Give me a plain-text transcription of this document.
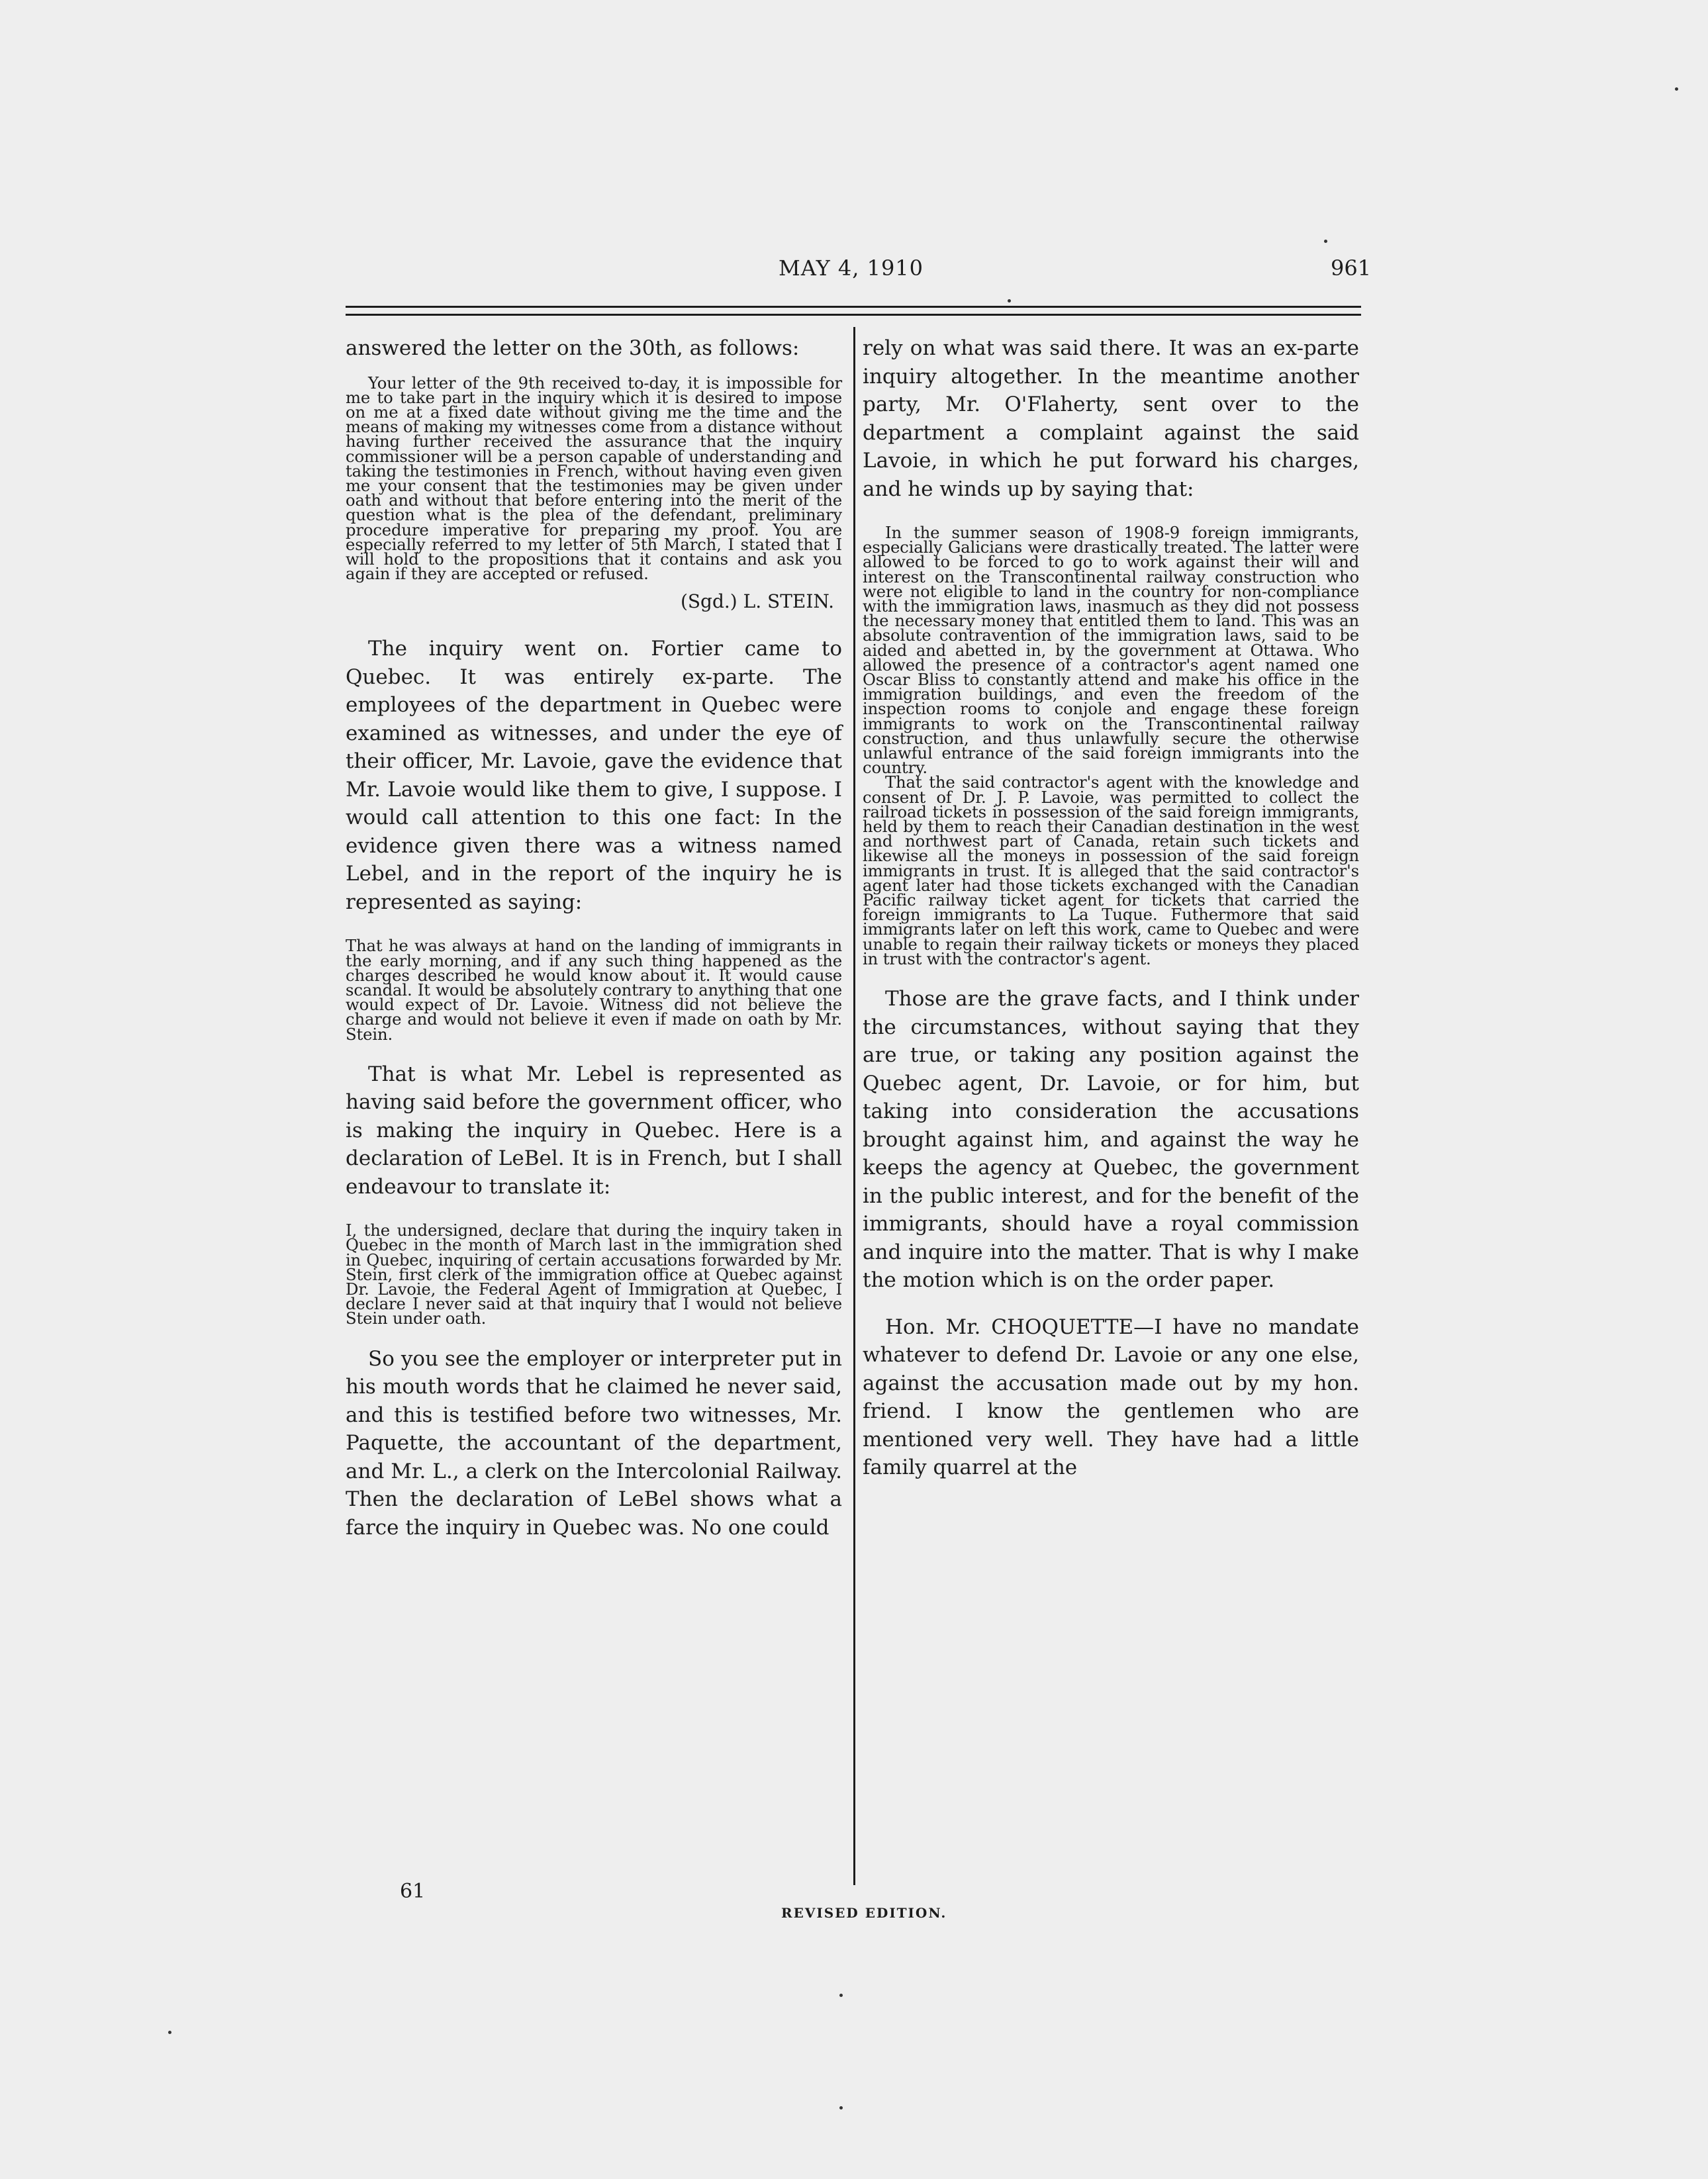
MAY 4, 1910	961

answered the letter on the 30th, as follows:

Your letter of the 9th received to-day, it is impossible for me to take part in the inquiry which it is desired to impose on me at a fixed date without giving me the time and the means of making my witnesses come from a distance without having further received the assurance that the inquiry commissioner will be a person capable of understanding and taking the testimonies in French, without having even given me your consent that the testimonies may be given under oath and without that before entering into the merit of the question what is the plea of the defendant, preliminary procedure imperative for preparing my proof. You are especially referred to my letter of 5th March, I stated that I will hold to the propositions that it contains and ask you again if they are accepted or refused.

(Sgd.) L. STEIN.

The inquiry went on. Fortier came to Quebec. It was entirely ex-parte. The employees of the department in Quebec were examined as witnesses, and under the eye of their officer, Mr. Lavoie, gave the evidence that Mr. Lavoie would like them to give, I suppose. I would call attention to this one fact: In the evidence given there was a witness named Lebel, and in the report of the inquiry he is represented as saying:

That he was always at hand on the landing of immigrants in the early morning, and if any such thing happened as the charges described he would know about it. It would cause scandal. It would be absolutely contrary to anything that one would expect of Dr. Lavoie. Witness did not believe the charge and would not believe it even if made on oath by Mr. Stein.

That is what Mr. Lebel is represented as having said before the government officer, who is making the inquiry in Quebec. Here is a declaration of LeBel. It is in French, but I shall endeavour to translate it:

I, the undersigned, declare that during the inquiry taken in Quebec in the month of March last in the immigration shed in Quebec, inquiring of certain accusations forwarded by Mr. Stein, first clerk of the immigration office at Quebec against Dr. Lavoie, the Federal Agent of Immigration at Quebec, I declare I never said at that inquiry that I would not believe Stein under oath.

So you see the employer or interpreter put in his mouth words that he claimed he never said, and this is testified before two witnesses, Mr. Paquette, the accountant of the department, and Mr. L., a clerk on the Intercolonial Railway. Then the declaration of LeBel shows what a farce the inquiry in Quebec was. No one could

rely on what was said there. It was an ex-parte inquiry altogether. In the meantime another party, Mr. O'Flaherty, sent over to the department a complaint against the said Lavoie, in which he put forward his charges, and he winds up by saying that:

In the summer season of 1908-9 foreign immigrants, especially Galicians were drastically treated. The latter were allowed to be forced to go to work against their will and interest on the Transcontinental railway construction who were not eligible to land in the country for non-compliance with the immigration laws, inasmuch as they did not possess the necessary money that entitled them to land. This was an absolute contravention of the immigration laws, said to be aided and abetted in, by the government at Ottawa. Who allowed the presence of a contractor's agent named one Oscar Bliss to constantly attend and make his office in the immigration buildings, and even the freedom of the inspection rooms to conjole and engage these foreign immigrants to work on the Transcontinental railway construction, and thus unlawfully secure the otherwise unlawful entrance of the said foreign immigrants into the country.

That the said contractor's agent with the knowledge and consent of Dr. J. P. Lavoie, was permitted to collect the railroad tickets in possession of the said foreign immigrants, held by them to reach their Canadian destination in the west and northwest part of Canada, retain such tickets and likewise all the moneys in possession of the said foreign immigrants in trust. It is alleged that the said contractor's agent later had those tickets exchanged with the Canadian Pacific railway ticket agent for tickets that carried the foreign immigrants to La Tuque. Futhermore that said immigrants later on left this work, came to Quebec and were unable to regain their railway tickets or moneys they placed in trust with the contractor's agent.

Those are the grave facts, and I think under the circumstances, without saying that they are true, or taking any position against the Quebec agent, Dr. Lavoie, or for him, but taking into consideration the accusations brought against him, and against the way he keeps the agency at Quebec, the government in the public interest, and for the benefit of the immigrants, should have a royal commission and inquire into the matter. That is why I make the motion which is on the order paper.

Hon. Mr. CHOQUETTE—I have no mandate whatever to defend Dr. Lavoie or any one else, against the accusation made out by my hon. friend. I know the gentlemen who are mentioned very well. They have had a little family quarrel at the

61
REVISED EDITION.
